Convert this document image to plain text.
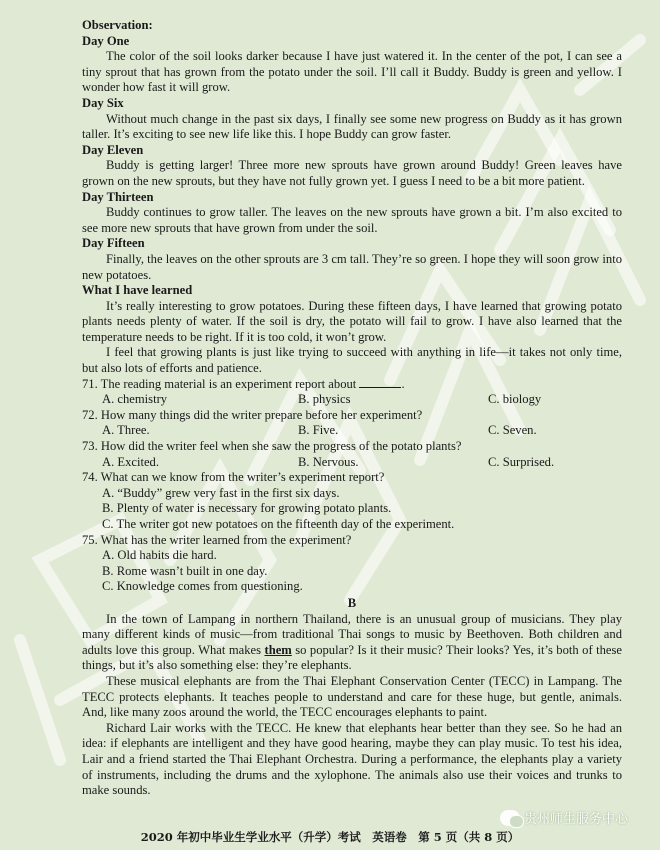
Observation:
Day One
The color of the soil looks darker because I have just watered it. In the center of the pot, I can see a tiny sprout that has grown from the potato under the soil. I’ll call it Buddy. Buddy is green and yellow. I wonder how fast it will grow.
Day Six
Without much change in the past six days, I finally see some new progress on Buddy as it has grown taller. It’s exciting to see new life like this. I hope Buddy can grow faster.
Day Eleven
Buddy is getting larger! Three more new sprouts have grown around Buddy! Green leaves have grown on the new sprouts, but they have not fully grown yet. I guess I need to be a bit more patient.
Day Thirteen
Buddy continues to grow taller. The leaves on the new sprouts have grown a bit. I’m also excited to see more new sprouts that have grown from under the soil.
Day Fifteen
Finally, the leaves on the other sprouts are 3 cm tall. They’re so green. I hope they will soon grow into new potatoes.
What I have learned
It’s really interesting to grow potatoes. During these fifteen days, I have learned that growing potato plants needs plenty of water. If the soil is dry, the potato will fail to grow. I have also learned that the temperature needs to be right. If it is too cold, it won’t grow.
I feel that growing plants is just like trying to succeed with anything in life—it takes not only time, but also lots of efforts and patience.
71. The reading material is an experiment report about	.
A. chemistry	B. physics	C. biology
72. How many things did the writer prepare before her experiment?
A. Three.	B. Five.	C. Seven.
73. How did the writer feel when she saw the progress of the potato plants?
A. Excited.	B. Nervous.	C. Surprised.
74. What can we know from the writer’s experiment report?
A. “Buddy” grew very fast in the first six days.
B. Plenty of water is necessary for growing potato plants.
C. The writer got new potatoes on the fifteenth day of the experiment.
75. What has the writer learned from the experiment?
A. Old habits die hard.
B. Rome wasn’t built in one day.
C. Knowledge comes from questioning.
B
In the town of Lampang in northern Thailand, there is an unusual group of musicians. They play many different kinds of music—from traditional Thai songs to music by Beethoven. Both children and adults love this group. What makes them so popular? Is it their music? Their looks? Yes, it’s both of these things, but it’s also something else: they’re elephants.
These musical elephants are from the Thai Elephant Conservation Center (TECC) in Lampang. The TECC protects elephants. It teaches people to understand and care for these huge, but gentle, animals. And, like many zoos around the world, the TECC encourages elephants to paint.
Richard Lair works with the TECC. He knew that elephants hear better than they see. So he had an idea: if elephants are intelligent and they have good hearing, maybe they can play music. To test his idea, Lair and a friend started the Thai Elephant Orchestra. During a performance, the elephants play a variety of instruments, including the drums and the xylophone. The animals also use their voices and trunks to make sounds.
贵州师生服务中心
2020 年初中毕业生学业水平（升学）考试　英语卷　第 5 页（共 8 页）
